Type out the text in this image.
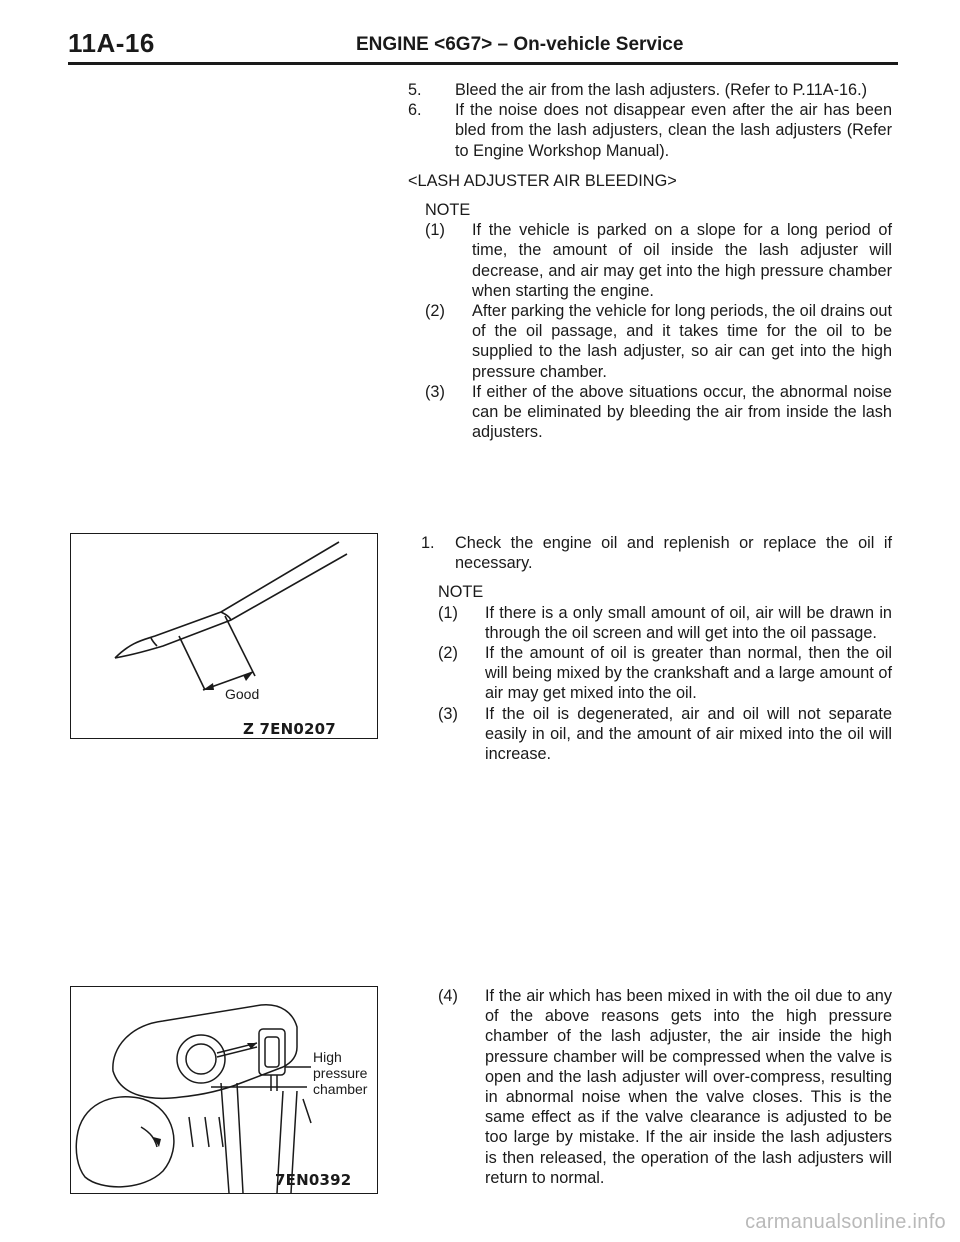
11A-16	ENGINE <6G7> – On-vehicle Service
5. Bleed the air from the lash adjusters. (Refer to P.11A-16.)
6. If the noise does not disappear even after the air has been bled from the lash adjusters, clean the lash adjusters (Refer to Engine Workshop Manual).
<LASH ADJUSTER AIR BLEEDING>
NOTE
(1) If the vehicle is parked on a slope for a long period of time, the amount of oil inside the lash adjuster will decrease, and air may get into the high pressure chamber when starting the engine.
(2) After parking the vehicle for long periods, the oil drains out of the oil passage, and it takes time for the oil to be supplied to the lash adjuster, so air can get into the high pressure chamber.
(3) If either of the above situations occur, the abnormal noise can be eliminated by bleeding the air from inside the lash adjusters.
Good
Z 7EN0207
1. Check the engine oil and replenish or replace the oil if necessary.
NOTE
(1) If there is a only small amount of oil, air will be drawn in through the oil screen and will get into the oil passage.
(2) If the amount of oil is greater than normal, then the oil will being mixed by the crankshaft and a large amount of air may get mixed into the oil.
(3) If the oil is degenerated, air and oil will not separate easily in oil, and the amount of air mixed into the oil will increase.
High
pressure
chamber
7EN0392
(4) If the air which has been mixed in with the oil due to any of the above reasons gets into the high pressure chamber of the lash adjuster, the air inside the high pressure chamber will be compressed when the valve is open and the lash adjuster will over-compress, resulting in abnormal noise when the valve closes. This is the same effect as if the valve clearance is adjusted to be too large by mistake. If the air inside the lash adjusters is then released, the operation of the lash adjusters will return to normal.
carmanualsonline.info
